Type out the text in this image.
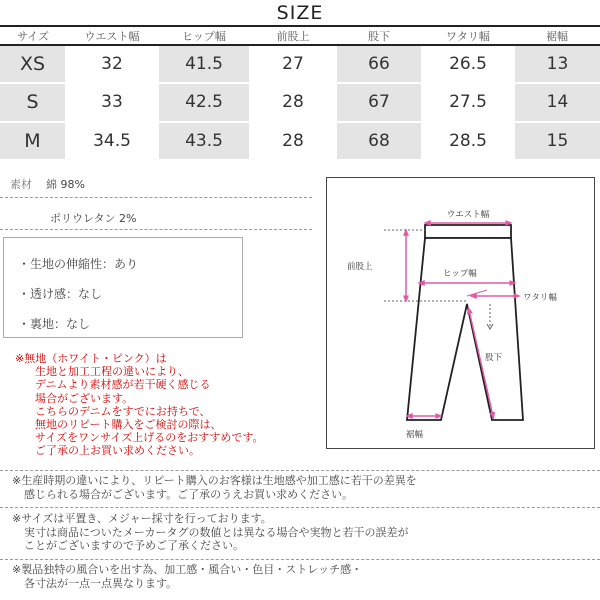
SIZE
サイズ	ウエスト幅	ヒップ幅	前股上	股下	ワタリ幅	裾幅
XS	32	41.5	27	66	26.5	13
S	33	42.5	28	67	27.5	14
M	34.5	43.5	28	68	28.5	15
素材 綿 98%
ポリウレタン 2%
・生地の伸縮性：あり
・透け感：なし
・裏地：なし
ウエスト幅
前股上
ヒップ幅
ワタリ幅
股下
裾幅
※無地（ホワイト・ピンク）は
生地と加工工程の違いにより、
デニムより素材感が若干硬く感じる
場合がございます。
こちらのデニムをすでにお持ちで、
無地のリピート購入をご検討の際は、
サイズをワンサイズ上げるのをおすすめです。
ご了承の上お買い求めください。
※生産時期の違いにより、リピート購入のお客様は生地感や加工感に若干の差異を
感じられる場合がございます。ご了承のうえお買い求めください。
※サイズは平置き、メジャー採寸を行っております。
実寸は商品についたメーカータグの数値とは異なる場合や実物と若干の誤差が
ことがございますので予めご了承ください。
※製品独特の風合いを出す為、加工感・風合い・色目・ストレッチ感・
各寸法が一点一点異なります。
